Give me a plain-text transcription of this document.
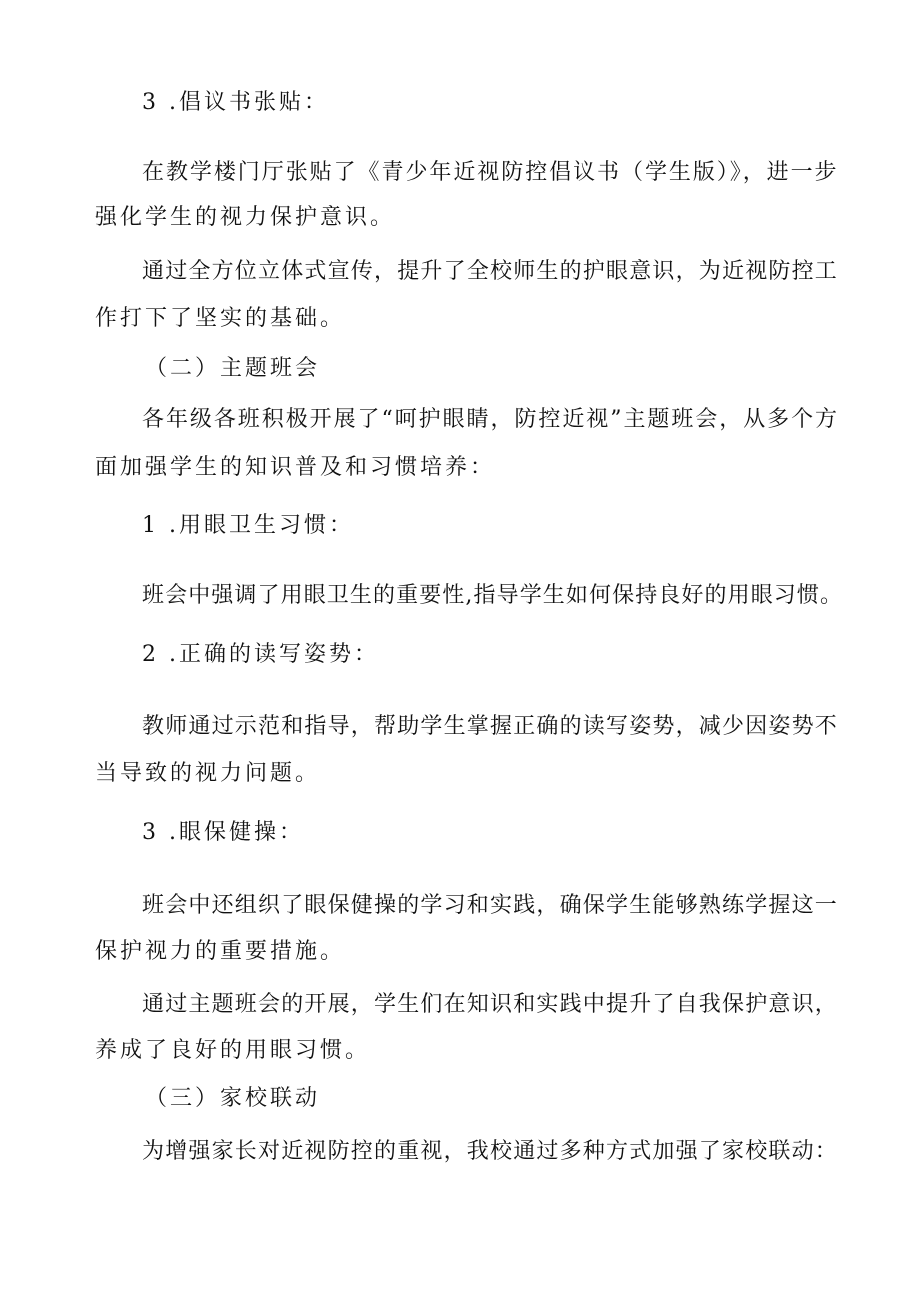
3 .倡议书张贴：
在教学楼门厅张贴了《青少年近视防控倡议书（学生版）》，进一步
强化学生的视力保护意识。
通过全方位立体式宣传，提升了全校师生的护眼意识，为近视防控工
作打下了坚实的基础。
（二）主题班会
各年级各班积极开展了“呵护眼睛，防控近视”主题班会，从多个方
面加强学生的知识普及和习惯培养：
1 .用眼卫生习惯：
班会中强调了用眼卫生的重要性,指导学生如何保持良好的用眼习惯。
2 .正确的读写姿势：
教师通过示范和指导，帮助学生掌握正确的读写姿势，减少因姿势不
当导致的视力问题。
3 .眼保健操：
班会中还组织了眼保健操的学习和实践，确保学生能够熟练学握这一
保护视力的重要措施。
通过主题班会的开展，学生们在知识和实践中提升了自我保护意识，
养成了良好的用眼习惯。
（三）家校联动
为增强家长对近视防控的重视，我校通过多种方式加强了家校联动：
